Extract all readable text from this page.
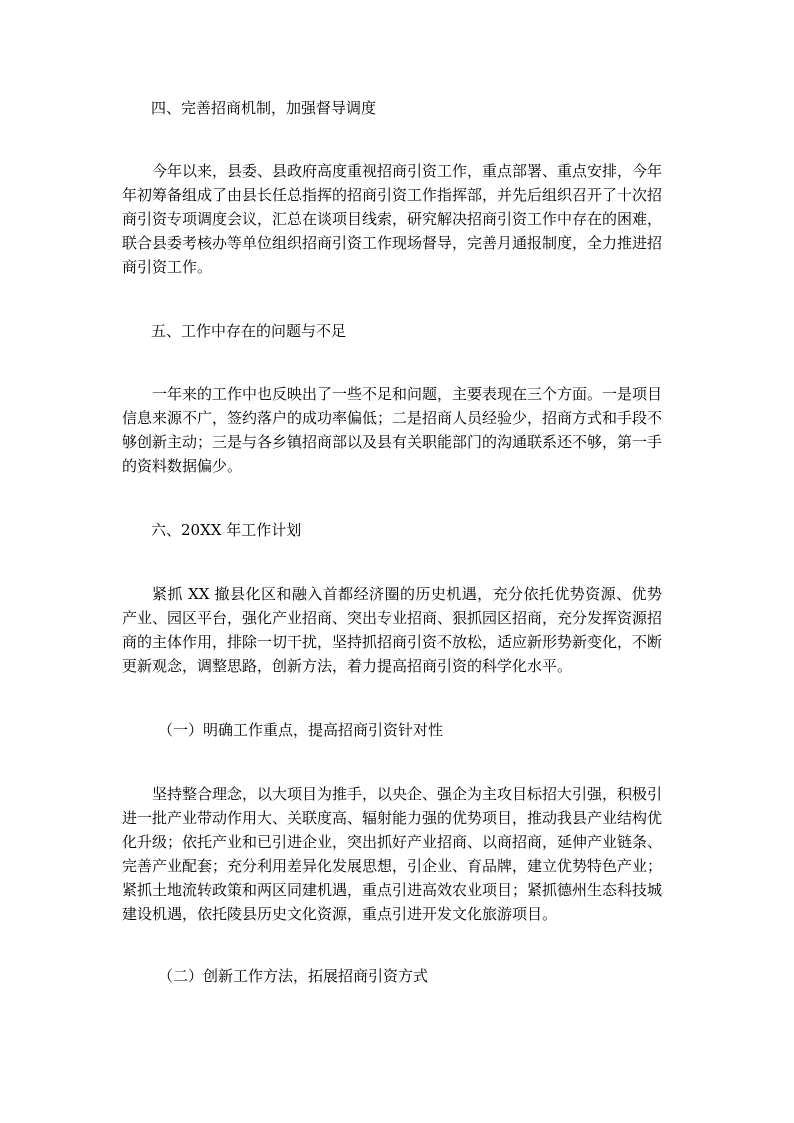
四、完善招商机制，加强督导调度

今年以来，县委、县政府高度重视招商引资工作，重点部署、重点安排，今年年初筹备组成了由县长任总指挥的招商引资工作指挥部，并先后组织召开了十次招商引资专项调度会议，汇总在谈项目线索，研究解决招商引资工作中存在的困难，联合县委考核办等单位组织招商引资工作现场督导，完善月通报制度，全力推进招商引资工作。

五、工作中存在的问题与不足

一年来的工作中也反映出了一些不足和问题，主要表现在三个方面。一是项目信息来源不广，签约落户的成功率偏低；二是招商人员经验少，招商方式和手段不够创新主动；三是与各乡镇招商部以及县有关职能部门的沟通联系还不够，第一手的资料数据偏少。

六、20XX 年工作计划

紧抓 XX 撤县化区和融入首都经济圈的历史机遇，充分依托优势资源、优势产业、园区平台，强化产业招商、突出专业招商、狠抓园区招商，充分发挥资源招商的主体作用，排除一切干扰，坚持抓招商引资不放松，适应新形势新变化，不断更新观念，调整思路，创新方法，着力提高招商引资的科学化水平。

（一）明确工作重点，提高招商引资针对性

坚持整合理念，以大项目为推手，以央企、强企为主攻目标招大引强，积极引进一批产业带动作用大、关联度高、辐射能力强的优势项目，推动我县产业结构优化升级；依托产业和已引进企业，突出抓好产业招商、以商招商，延伸产业链条、完善产业配套；充分利用差异化发展思想，引企业、育品牌，建立优势特色产业；紧抓土地流转政策和两区同建机遇，重点引进高效农业项目；紧抓德州生态科技城建设机遇，依托陵县历史文化资源，重点引进开发文化旅游项目。

（二）创新工作方法，拓展招商引资方式
